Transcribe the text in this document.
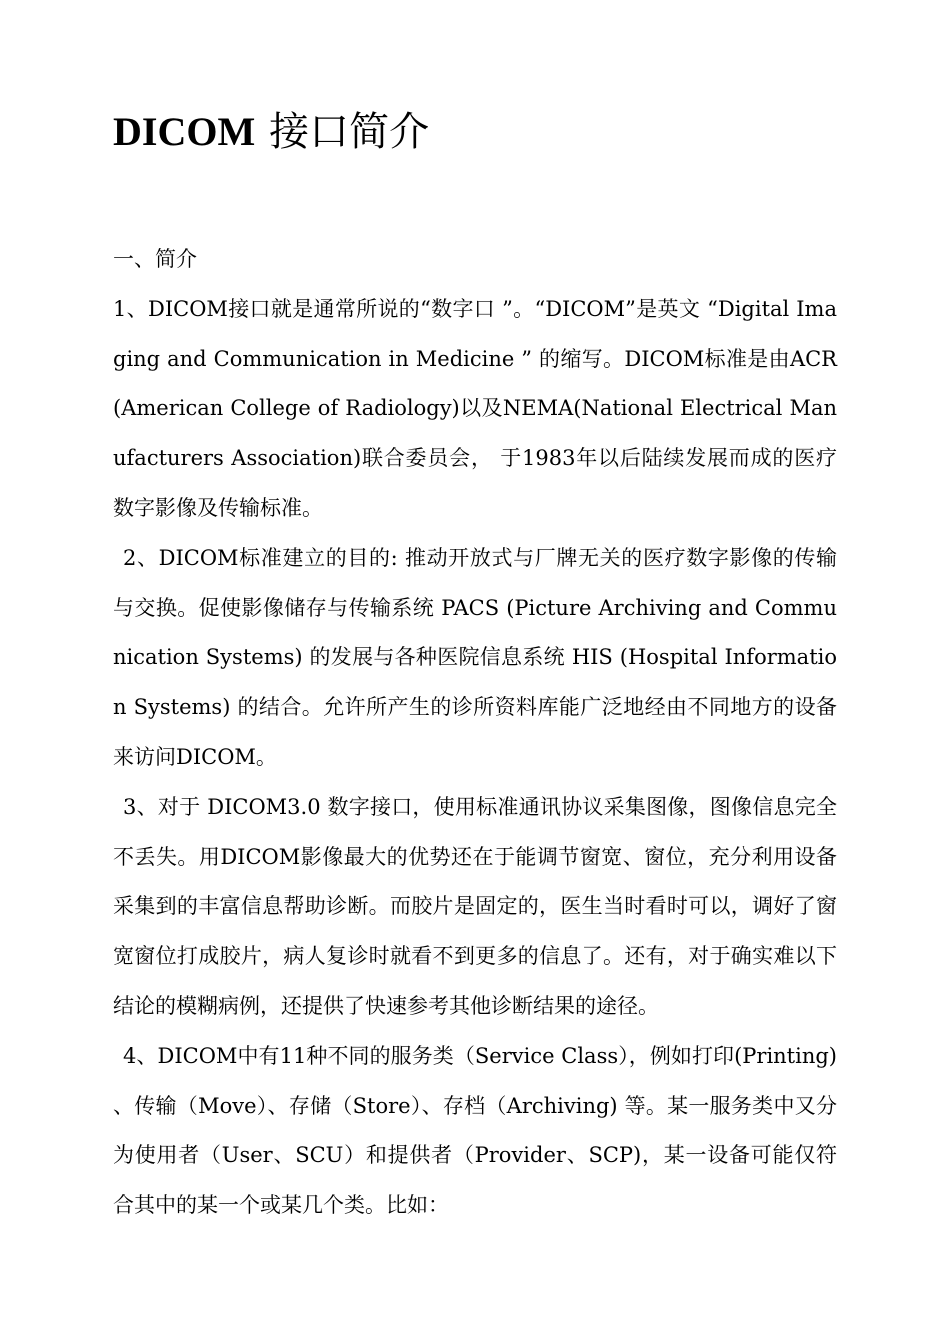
DICOM 接口简介

一、简介

1、DICOM接口就是通常所说的“数字口 ”。“DICOM”是英文 “Digital Imaging and Communication in Medicine ” 的缩写。DICOM标准是由ACR (American College of Radiology)以及NEMA(National Electrical Manufacturers Association)联合委员会， 于1983年以后陆续发展而成的医疗数字影像及传输标准。

2、DICOM标准建立的目的: 推动开放式与厂牌无关的医疗数字影像的传输与交换。促使影像储存与传输系统 PACS (Picture Archiving and Communication Systems) 的发展与各种医院信息系统 HIS (Hospital Information Systems) 的结合。允许所产生的诊所资料库能广泛地经由不同地方的设备来访问DICOM。

3、对于 DICOM3.0 数字接口，使用标准通讯协议采集图像，图像信息完全不丢失。用DICOM影像最大的优势还在于能调节窗宽、窗位，充分利用设备采集到的丰富信息帮助诊断。而胶片是固定的，医生当时看时可以，调好了窗宽窗位打成胶片，病人复诊时就看不到更多的信息了。还有，对于确实难以下结论的模糊病例，还提供了快速参考其他诊断结果的途径。

4、DICOM中有11种不同的服务类（Service Class），例如打印(Printing)、传输（Move）、存储（Store）、存档（Archiving) 等。某一服务类中又分为使用者（User、SCU）和提供者（Provider、SCP)，某一设备可能仅符合其中的某一个或某几个类。比如：
